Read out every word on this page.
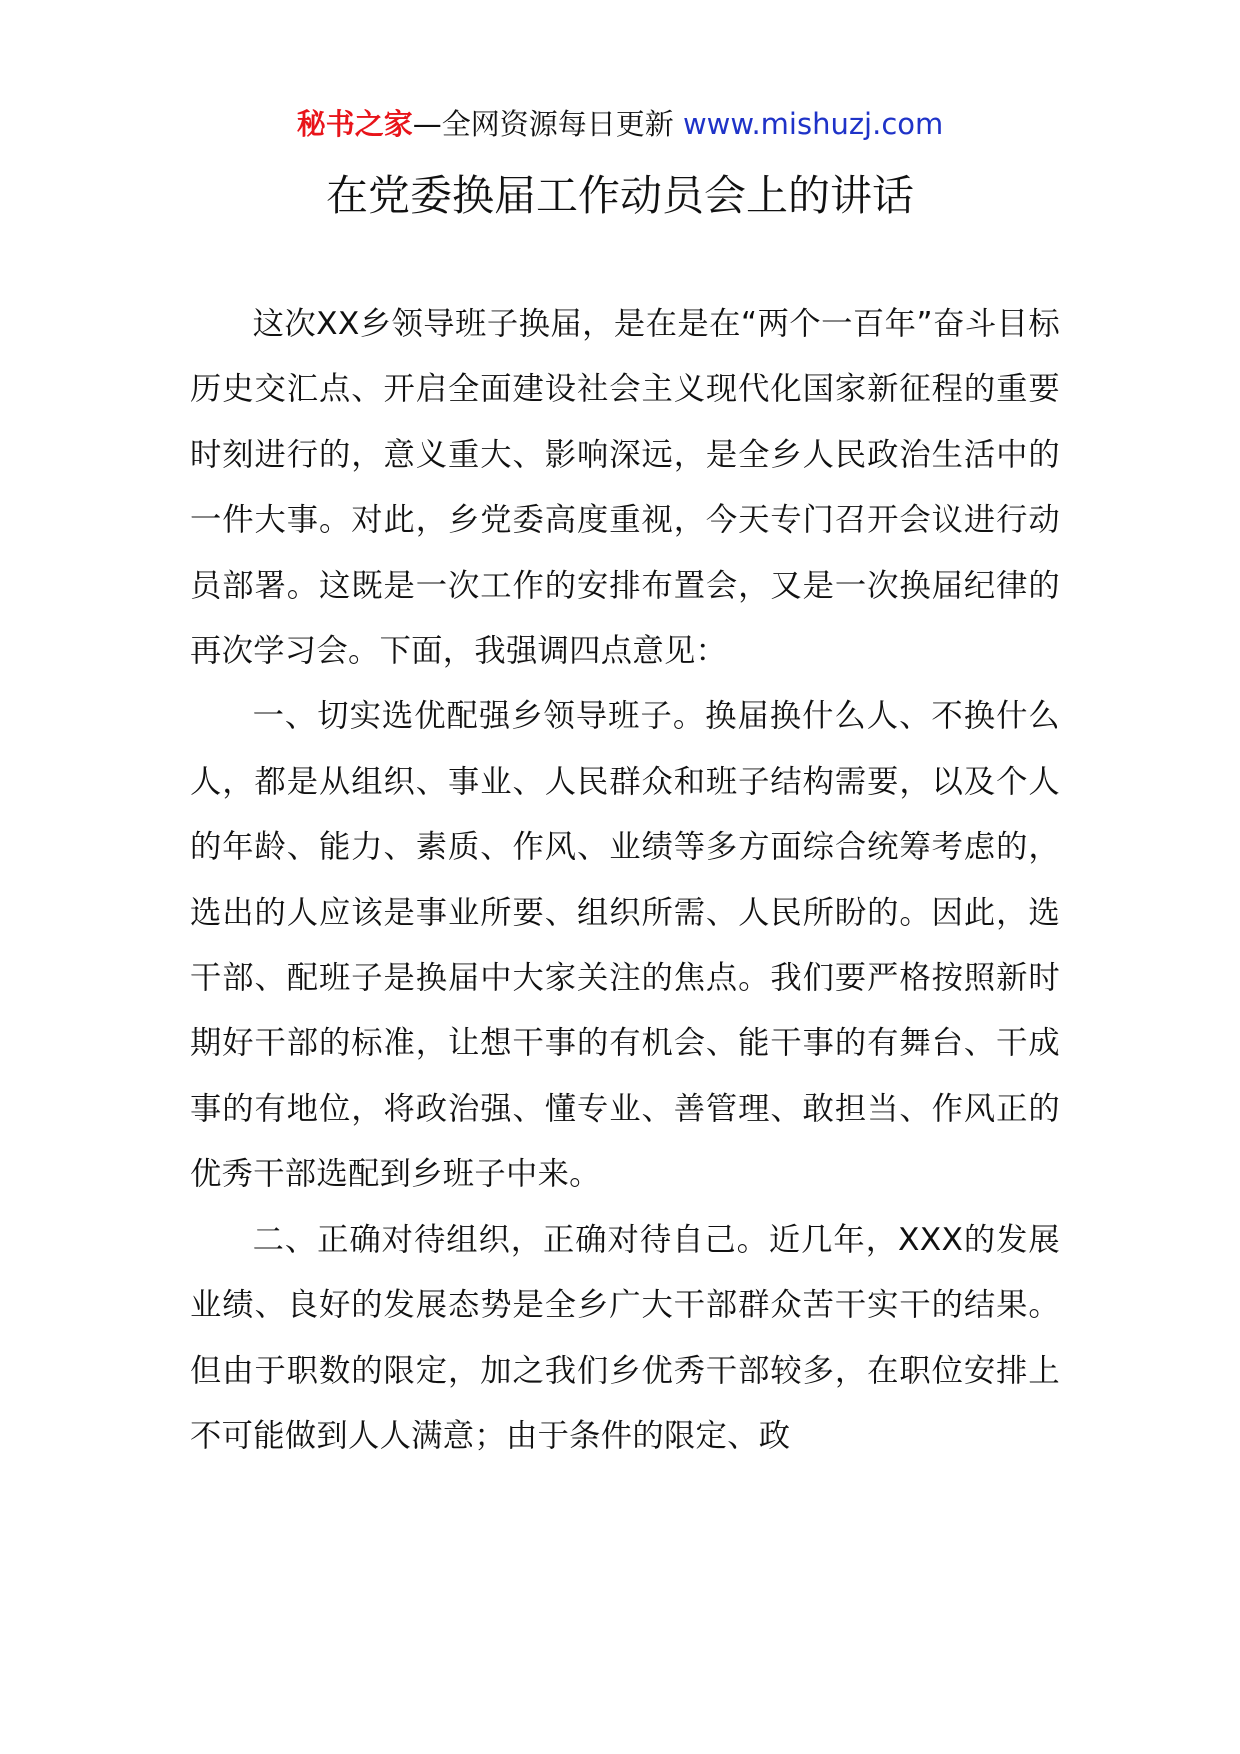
秘书之家—全网资源每日更新 www.mishuzj.com
在党委换届工作动员会上的讲话

这次XX乡领导班子换届，是在是在“两个一百年”奋斗目标历史交汇点、开启全面建设社会主义现代化国家新征程的重要时刻进行的，意义重大、影响深远，是全乡人民政治生活中的一件大事。对此，乡党委高度重视，今天专门召开会议进行动员部署。这既是一次工作的安排布置会，又是一次换届纪律的再次学习会。下面，我强调四点意见：

一、切实选优配强乡领导班子。换届换什么人、不换什么人，都是从组织、事业、人民群众和班子结构需要，以及个人的年龄、能力、素质、作风、业绩等多方面综合统筹考虑的，选出的人应该是事业所要、组织所需、人民所盼的。因此，选干部、配班子是换届中大家关注的焦点。我们要严格按照新时期好干部的标准，让想干事的有机会、能干事的有舞台、干成事的有地位，将政治强、懂专业、善管理、敢担当、作风正的优秀干部选配到乡班子中来。

二、正确对待组织，正确对待自己。近几年，XXX的发展业绩、良好的发展态势是全乡广大干部群众苦干实干的结果。但由于职数的限定，加之我们乡优秀干部较多，在职位安排上不可能做到人人满意；由于条件的限定、政
